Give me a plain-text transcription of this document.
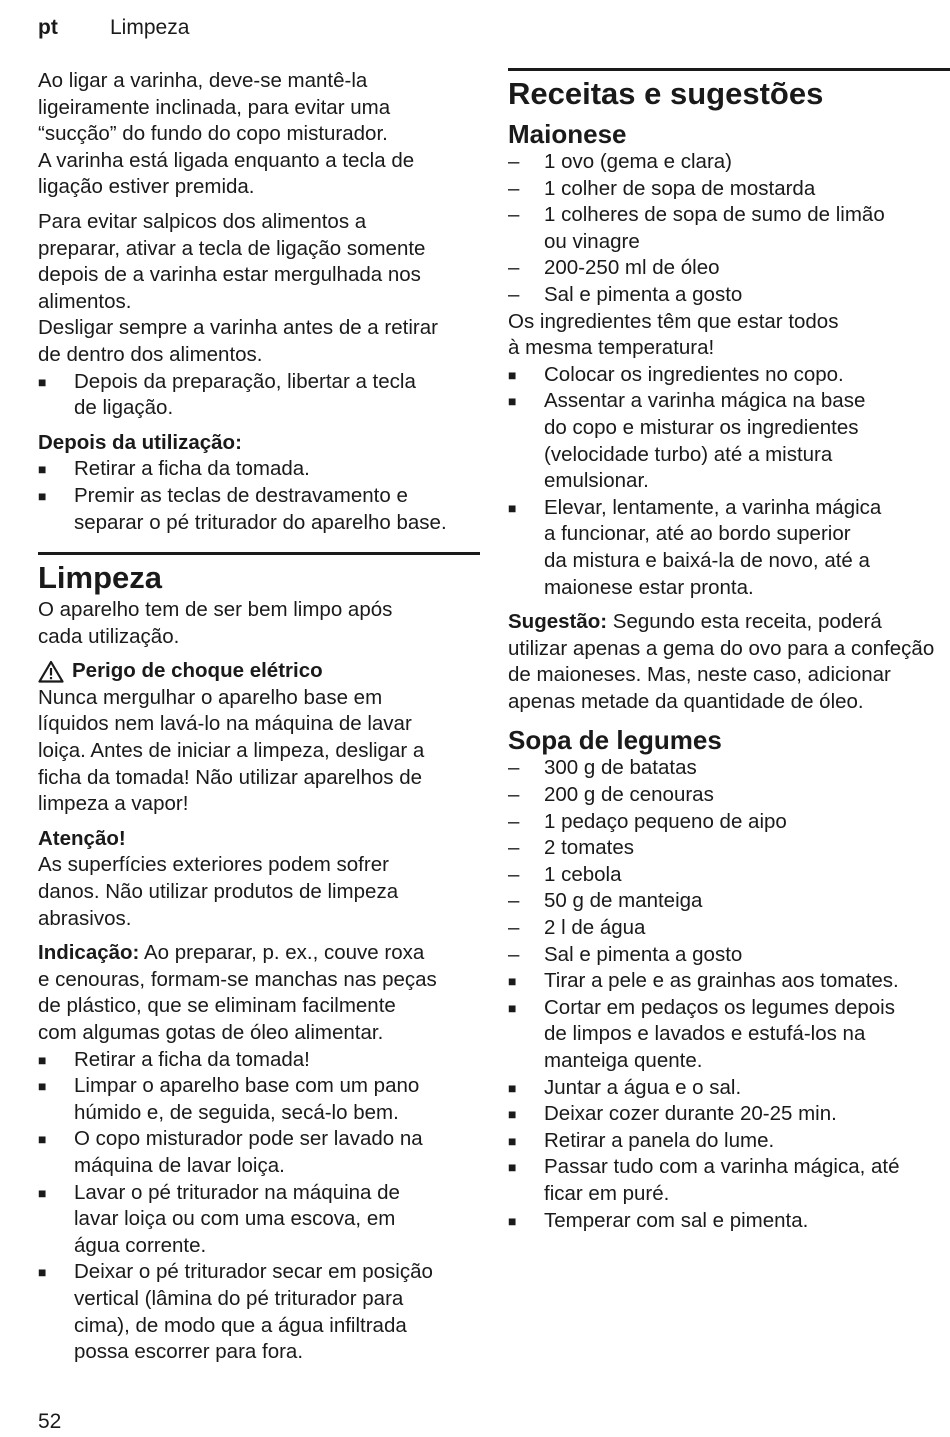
pt Limpeza

Ao ligar a varinha, deve-se mantê-la
ligeiramente inclinada, para evitar uma
“sucção” do fundo do copo misturador.
A varinha está ligada enquanto a tecla de
ligação estiver premida.

Para evitar salpicos dos alimentos a
preparar, ativar a tecla de ligação somente
depois de a varinha estar mergulhada nos
alimentos.
Desligar sempre a varinha antes de a retirar
de dentro dos alimentos.

■ Depois da preparação, libertar a tecla
de ligação.

Depois da utilização:

■ Retirar a ficha da tomada.
■ Premir as teclas de destravamento e
separar o pé triturador do aparelho base.
Limpeza

O aparelho tem de ser bem limpo após
cada utilização.

Perigo de choque elétrico

Nunca mergulhar o aparelho base em
líquidos nem lavá-lo na máquina de lavar
loiça. Antes de iniciar a limpeza, desligar a
ficha da tomada! Não utilizar aparelhos de
limpeza a vapor!

Atenção!

As superfícies exteriores podem sofrer
danos. Não utilizar produtos de limpeza
abrasivos.

Indicação: Ao preparar, p. ex., couve roxa
e cenouras, formam-se manchas nas peças
de plástico, que se eliminam facilmente
com algumas gotas de óleo alimentar.

■ Retirar a ficha da tomada!
■ Limpar o aparelho base com um pano
húmido e, de seguida, secá-lo bem.
■ O copo misturador pode ser lavado na
máquina de lavar loiça.
■ Lavar o pé triturador na máquina de
lavar loiça ou com uma escova, em
água corrente.
■ Deixar o pé triturador secar em posição
vertical (lâmina do pé triturador para
cima), de modo que a água infiltrada
possa escorrer para fora.
Receitas e sugestões
Maionese
– 1 ovo (gema e clara)
– 1 colher de sopa de mostarda
– 1 colheres de sopa de sumo de limão
ou vinagre
– 200-250 ml de óleo
– Sal e pimenta a gosto

Os ingredientes têm que estar todos
à mesma temperatura!

■ Colocar os ingredientes no copo.
■ Assentar a varinha mágica na base
do copo e misturar os ingredientes
(velocidade turbo) até a mistura
emulsionar.
■ Elevar, lentamente, a varinha mágica
a funcionar, até ao bordo superior
da mistura e baixá-la de novo, até a
maionese estar pronta.

Sugestão: Segundo esta receita, poderá
utilizar apenas a gema do ovo para a confeção
de maioneses. Mas, neste caso, adicionar
apenas metade da quantidade de óleo.

Sopa de legumes
– 300 g de batatas
– 200 g de cenouras
– 1 pedaço pequeno de aipo
– 2 tomates
– 1 cebola
– 50 g de manteiga
– 2 l de água
– Sal e pimenta a gosto
■ Tirar a pele e as grainhas aos tomates.
■ Cortar em pedaços os legumes depois
de limpos e lavados e estufá-los na
manteiga quente.
■ Juntar a água e o sal.
■ Deixar cozer durante 20-25 min.
■ Retirar a panela do lume.
■ Passar tudo com a varinha mágica, até
ficar em puré.
■ Temperar com sal e pimenta.
52
